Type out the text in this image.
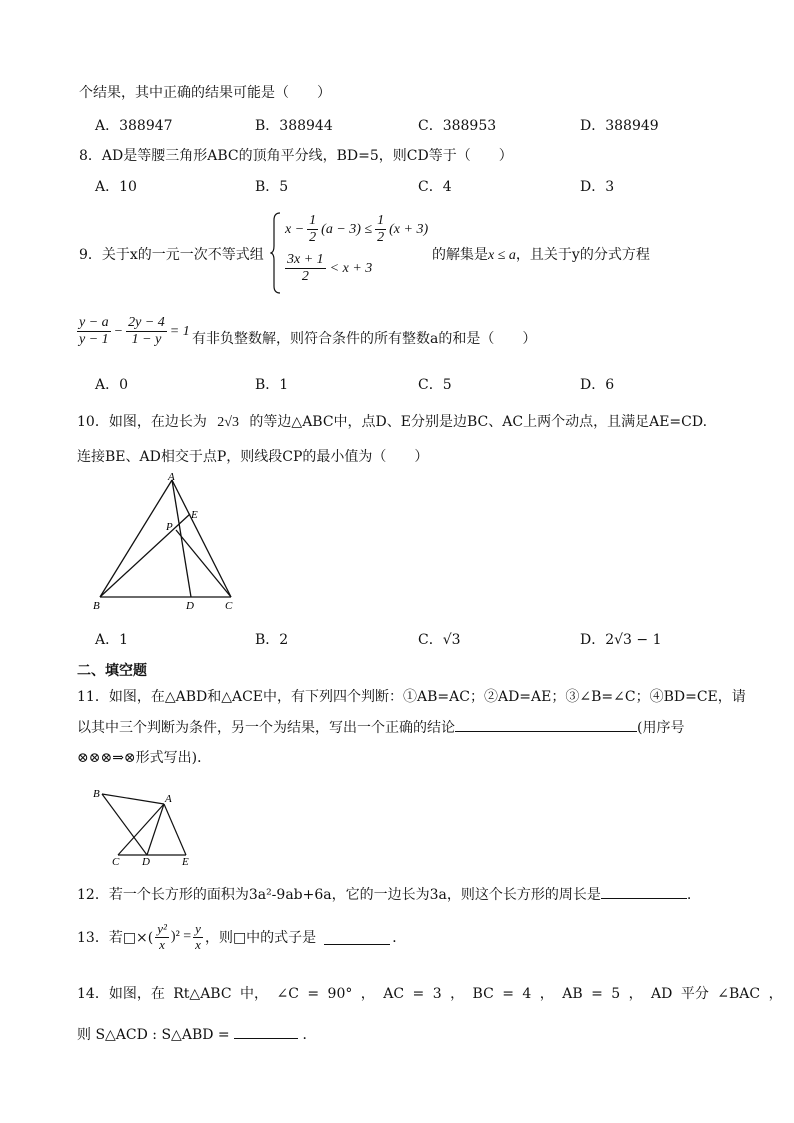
个结果，其中正确的结果可能是（　　）
A．388947	B．388944	C．388953	D．388949
8．AD是等腰三角形ABC的顶角平分线，BD=5，则CD等于（　　）
A．10	B．5	C．4	D．3
9．关于x的一元一次不等式组
$x - \frac{1}{2} (a - 3) \le \frac{1}{2} (x + 3)$
$\frac{3x + 1}{2} < x + 3$
的解集是x ≤ a，且关于y的分式方程
$\frac{y - a}{y - 1} - \frac{2y - 4}{1 - y} = 1$ 有非负整数解，则符合条件的所有整数a的和是（　　）
A．0	B．1	C．5	D．6
10．如图，在边长为 2√3 的等边△ABC中，点D、E分别是边BC、AC上两个动点，且满足AE=CD.
连接BE、AD相交于点P，则线段CP的最小值为（　　）
A
B	C
D
E
P
A．1	B．2	C．√3	D．2√3 − 1
二、填空题
11．如图，在△ABD和△ACE中，有下列四个判断：①AB=AC；②AD=AE；③∠B=∠C；④BD=CE，请
以其中三个判断为条件，另一个为结果，写出一个正确的结论	(用序号
⊗⊗⊗⇒⊗形式写出)．
B	A
C D	E
12．若一个长方形的面积为3a²-9ab+6a，它的一边长为3a，则这个长方形的周长是	.
13．若□×( $\frac{\text{y²}}{x} )^2 = \frac{y}{x}$ ，则□中的式子是	．
14．如图，在 Rt△ABC 中， ∠C = 90° ， AC = 3 ， BC = 4 ， AB = 5 ， AD 平分 ∠BAC ，
则 S△ACD : S△ABD =	．
